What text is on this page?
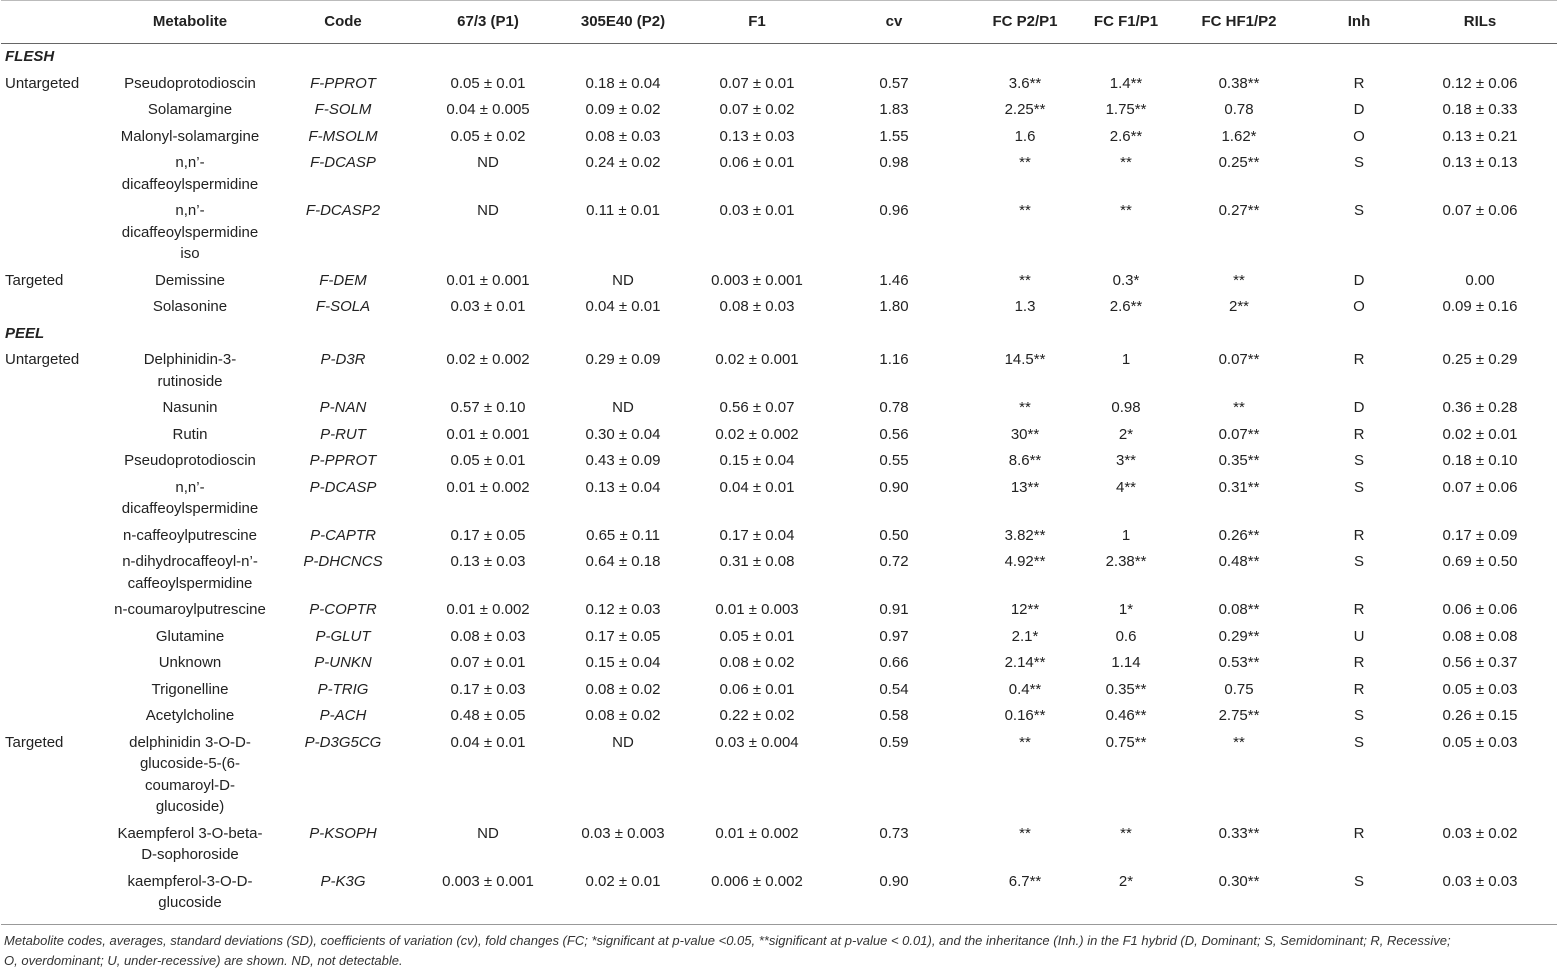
	Metabolite	Code	67/3 (P1)	305E40 (P2)	F1	cv	FC P2/P1	FC F1/P1	FC HF1/P2	Inh	RILs
FLESH											
Untargeted	Pseudoprotodioscin	F-PPROT	0.05 ± 0.01	0.18 ± 0.04	0.07 ± 0.01	0.57	3.6**	1.4**	0.38**	R	0.12 ± 0.06
	Solamargine	F-SOLM	0.04 ± 0.005	0.09 ± 0.02	0.07 ± 0.02	1.83	2.25**	1.75**	0.78	D	0.18 ± 0.33
	Malonyl-solamargine	F-MSOLM	0.05 ± 0.02	0.08 ± 0.03	0.13 ± 0.03	1.55	1.6	2.6**	1.62*	O	0.13 ± 0.21
	n,n’-dicaffeoylspermidine	F-DCASP	ND	0.24 ± 0.02	0.06 ± 0.01	0.98	**	**	0.25**	S	0.13 ± 0.13
	n,n’-dicaffeoylspermidine iso	F-DCASP2	ND	0.11 ± 0.01	0.03 ± 0.01	0.96	**	**	0.27**	S	0.07 ± 0.06
Targeted	Demissine	F-DEM	0.01 ± 0.001	ND	0.003 ± 0.001	1.46	**	0.3*	**	D	0.00
	Solasonine	F-SOLA	0.03 ± 0.01	0.04 ± 0.01	0.08 ± 0.03	1.80	1.3	2.6**	2**	O	0.09 ± 0.16
PEEL											
Untargeted	Delphinidin-3-rutinoside	P-D3R	0.02 ± 0.002	0.29 ± 0.09	0.02 ± 0.001	1.16	14.5**	1	0.07**	R	0.25 ± 0.29
	Nasunin	P-NAN	0.57 ± 0.10	ND	0.56 ± 0.07	0.78	**	0.98	**	D	0.36 ± 0.28
	Rutin	P-RUT	0.01 ± 0.001	0.30 ± 0.04	0.02 ± 0.002	0.56	30**	2*	0.07**	R	0.02 ± 0.01
	Pseudoprotodioscin	P-PPROT	0.05 ± 0.01	0.43 ± 0.09	0.15 ± 0.04	0.55	8.6**	3**	0.35**	S	0.18 ± 0.10
	n,n’-dicaffeoylspermidine	P-DCASP	0.01 ± 0.002	0.13 ± 0.04	0.04 ± 0.01	0.90	13**	4**	0.31**	S	0.07 ± 0.06
	n-caffeoylputrescine	P-CAPTR	0.17 ± 0.05	0.65 ± 0.11	0.17 ± 0.04	0.50	3.82**	1	0.26**	R	0.17 ± 0.09
	n-dihydrocaffeoyl-n’-caffeoylspermidine	P-DHCNCS	0.13 ± 0.03	0.64 ± 0.18	0.31 ± 0.08	0.72	4.92**	2.38**	0.48**	S	0.69 ± 0.50
	n-coumaroylputrescine	P-COPTR	0.01 ± 0.002	0.12 ± 0.03	0.01 ± 0.003	0.91	12**	1*	0.08**	R	0.06 ± 0.06
	Glutamine	P-GLUT	0.08 ± 0.03	0.17 ± 0.05	0.05 ± 0.01	0.97	2.1*	0.6	0.29**	U	0.08 ± 0.08
	Unknown	P-UNKN	0.07 ± 0.01	0.15 ± 0.04	0.08 ± 0.02	0.66	2.14**	1.14	0.53**	R	0.56 ± 0.37
	Trigonelline	P-TRIG	0.17 ± 0.03	0.08 ± 0.02	0.06 ± 0.01	0.54	0.4**	0.35**	0.75	R	0.05 ± 0.03
	Acetylcholine	P-ACH	0.48 ± 0.05	0.08 ± 0.02	0.22 ± 0.02	0.58	0.16**	0.46**	2.75**	S	0.26 ± 0.15
Targeted	delphinidin 3-O-D-glucoside-5-(6-coumaroyl-D-glucoside)	P-D3G5CG	0.04 ± 0.01	ND	0.03 ± 0.004	0.59	**	0.75**	**	S	0.05 ± 0.03
	Kaempferol 3-O-beta-D-sophoroside	P-KSOPH	ND	0.03 ± 0.003	0.01 ± 0.002	0.73	**	**	0.33**	R	0.03 ± 0.02
	kaempferol-3-O-D-glucoside	P-K3G	0.003 ± 0.001	0.02 ± 0.01	0.006 ± 0.002	0.90	6.7**	2*	0.30**	S	0.03 ± 0.03
Metabolite codes, averages, standard deviations (SD), coefficients of variation (cv), fold changes (FC; *significant at p-value <0.05, **significant at p-value < 0.01), and the inheritance (Inh.) in the F1 hybrid (D, Dominant; S, Semidominant; R, Recessive; O, overdominant; U, under-recessive) are shown. ND, not detectable.
